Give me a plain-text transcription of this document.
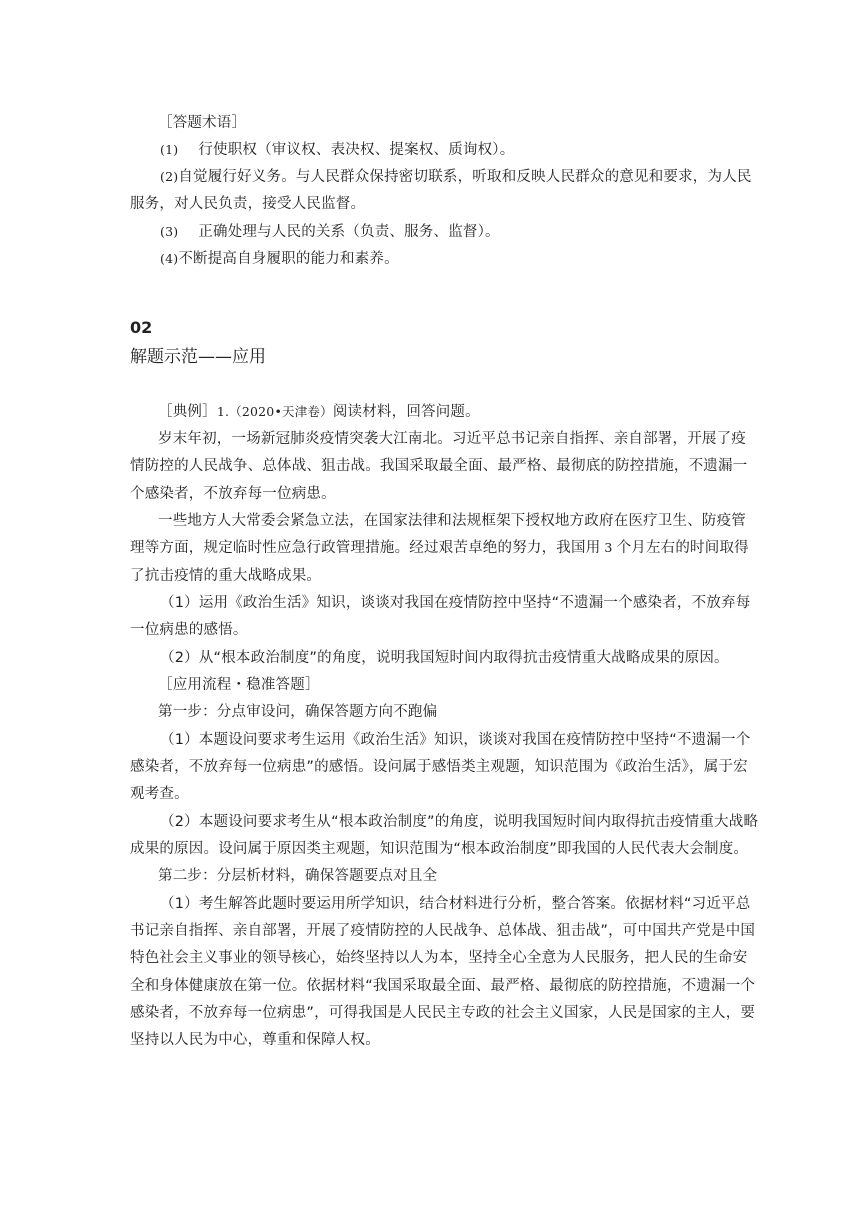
［答题术语］
(1) 行使职权（审议权、表决权、提案权、质询权）。
(2)自觉履行好义务。与人民群众保持密切联系，听取和反映人民群众的意见和要求，为人民
服务，对人民负责，接受人民监督。
(3) 正确处理与人民的关系（负责、服务、监督）。
(4)不断提高自身履职的能力和素养。
02
解题示范——应用
［典例］1.（2020•天津卷）阅读材料，回答问题。
岁末年初，一场新冠肺炎疫情突袭大江南北。习近平总书记亲自指挥、亲自部署，开展了疫
情防控的人民战争、总体战、狙击战。我国采取最全面、最严格、最彻底的防控措施，不遗漏一
个感染者，不放弃每一位病患。
一些地方人大常委会紧急立法，在国家法律和法规框架下授权地方政府在医疗卫生、防疫管
理等方面，规定临时性应急行政管理措施。经过艰苦卓绝的努力，我国用 3 个月左右的时间取得
了抗击疫情的重大战略成果。
（1）运用《政治生活》知识，谈谈对我国在疫情防控中坚持“不遗漏一个感染者，不放弃每
一位病患的感悟。
（2）从“根本政治制度”的角度，说明我国短时间内取得抗击疫情重大战略成果的原因。
［应用流程・稳准答题］
第一步：分点审设问，确保答题方向不跑偏
（1）本题设问要求考生运用《政治生活》知识，谈谈对我国在疫情防控中坚持“不遗漏一个
感染者，不放弃每一位病患”的感悟。设问属于感悟类主观题，知识范围为《政治生活》，属于宏
观考查。
（2）本题设问要求考生从“根本政治制度”的角度，说明我国短时间内取得抗击疫情重大战略
成果的原因。设问属于原因类主观题，知识范围为“根本政治制度”即我国的人民代表大会制度。
第二步：分层析材料，确保答题要点对且全
（1）考生解答此题时要运用所学知识，结合材料进行分析，整合答案。依据材料“习近平总
书记亲自指挥、亲自部署，开展了疫情防控的人民战争、总体战、狙击战”，可中国共产党是中国
特色社会主义事业的领导核心，始终坚持以人为本，坚持全心全意为人民服务，把人民的生命安
全和身体健康放在第一位。依据材料“我国采取最全面、最严格、最彻底的防控措施，不遗漏一个
感染者，不放弃每一位病患”，可得我国是人民民主专政的社会主义国家，人民是国家的主人，要
坚持以人民为中心，尊重和保障人权。
